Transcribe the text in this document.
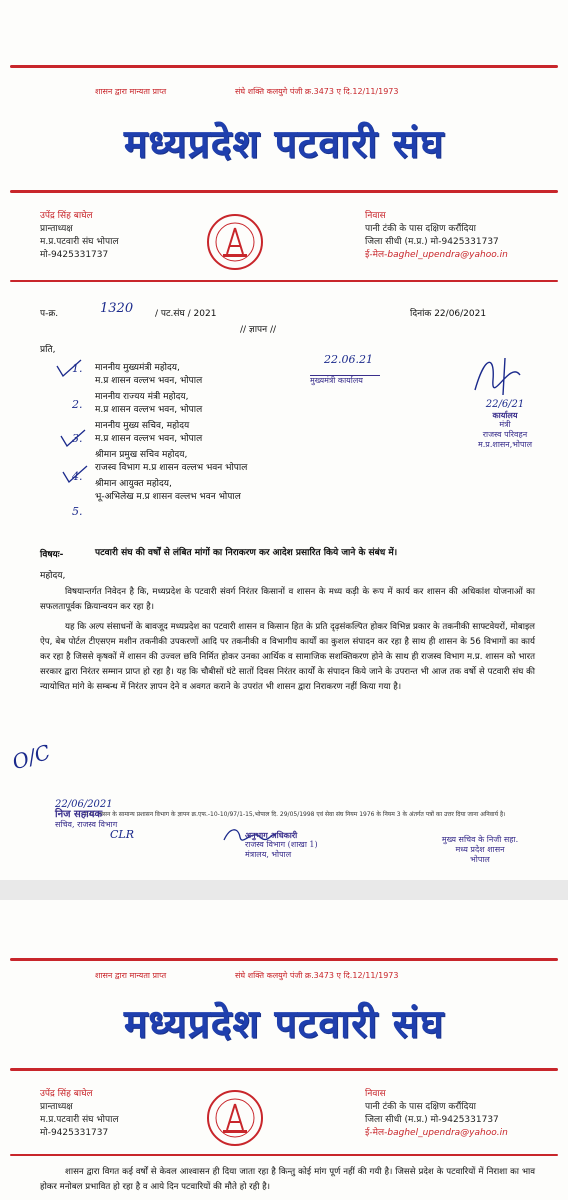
शासन द्वारा मान्यता प्राप्त	संघे शक्ति कलयुगे पंजी क्र.3473 ए दि.12/11/1973
मध्यप्रदेश पटवारी संघ
उपेंद्र सिंह बाघेल
प्रान्ताध्यक्ष
म.प्र.पटवारी संघ भोपाल
मो-9425331737
निवास
पानी टंकी के पास दक्षिण करौंदिया
जिला सीधी (म.प्र.) मो-9425331737
ई-मेल-baghel_upendra@yahoo.in
प-क्र.	1320 / पट.संघ / 2021	दिनांक 22/06/2021
// ज्ञापन //
प्रति,
1.
2.
3.
4.
5.
माननीय मुख्यमंत्री महोदय,
म.प्र शासन वल्लभ भवन, भोपाल
माननीय राज्यय मंत्री महोदय,
म.प्र शासन वल्लभ भवन, भोपाल
माननीय मुख्य सचिव, महोदय
म.प्र शासन वल्लभ भवन, भोपाल
श्रीमान प्रमुख सचिव महोदय,
राजस्व विभाग म.प्र शासन वल्लभ भवन भोपाल
श्रीमान आयुक्त महोदय,
भू-अभिलेख म.प्र शासन वल्लभ भवन भोपाल
22.06.21
मुख्यमंत्री कार्यालय
22/6/21
कार्यालय
मंत्री
राजस्व परिवहन
म.प्र.शासन,भोपाल
विषयः-	पटवारी संघ की वर्षों से लंबित मांगों का निराकरण कर आदेश प्रसारित किये जाने के संबंध में।
महोदय,
विषयान्तर्गत निवेदन है कि, मध्यप्रदेश के पटवारी संवर्ग निरंतर किसानों व शासन के मध्य कड़ी के रूप में कार्य कर शासन की अधिकांश योजनाओं का सफलतापूर्वक क्रियान्वयन कर रहा है।
यह कि अल्प संसाधनों के बावजूद मध्यप्रदेश का पटवारी शासन व किसान हित के प्रति दृढ़संकल्पित होकर विभिन्न प्रकार के तकनीकी साफ्टवेयरों, मोबाइल ऐप, बेब पोर्टल टीएसएम मशीन तकनीकी उपकरणों आदि पर तकनीकी व विभागीय कार्यों का कुशल संपादन कर रहा है साथ ही शासन के 56 विभागों का कार्य कर रहा है जिससे कृषकों में शासन की उज्वल छवि निर्मित होकर उनका आर्थिक व सामाजिक सशक्तिकरण होने के साथ ही राजस्व विभाग म.प्र. शासन को भारत सरकार द्वारा निरंतर सम्मान प्राप्त हो रहा है। यह कि चौबीसों घंटे सातों दिवस निरंतर कार्यों के संपादन किये जाने के उपरान्त भी आज तक वर्षो से पटवारी संघ की न्यायोचित मांगे के सम्बन्ध में निरंतर ज्ञापन देने व अवगत कराने के उपरांत भी शासन द्वारा निराकरण नहीं किया गया है।
O/C
म.प्र. शासन के सामान्य प्रशासन विभाग के ज्ञापन क्र.एफ.-10-10/97/1-15,भोपाल दि. 29/05/1998 एवं सेवा संघ नियम 1976 के नियम 3 के अंतर्गत पत्रों का उत्तर दिया जाना अनिवार्य है।
22/06/2021
निज सहायक
सचिव, राजस्व विभाग
CLR	अनुभाग अधिकारी
राजस्व विभाग (शाखा 1)
मंत्रालय, भोपाल
मुख्य सचिव के निजी सहा.
मध्य प्रदेश शासन
भोपाल
शासन द्वारा मान्यता प्राप्त	संघे शक्ति कलयुगे पंजी क्र.3473 ए दि.12/11/1973
मध्यप्रदेश पटवारी संघ
उपेंद्र सिंह बाघेल
प्रान्ताध्यक्ष
म.प्र.पटवारी संघ भोपाल
मो-9425331737
निवास
पानी टंकी के पास दक्षिण करौंदिया
जिला सीधी (म.प्र.) मो-9425331737
ई-मेल-baghel_upendra@yahoo.in
शासन द्वारा विगत कई वर्षों से केवल आश्वासन ही दिया जाता रहा है किन्तु कोई मांग पूर्ण नहीं की गयी है। जिससे प्रदेश के पटवारियों में निराशा का भाव होकर मनोबल प्रभावित हो रहा है व आये दिन पटवारियों की मौते हो रही है।
